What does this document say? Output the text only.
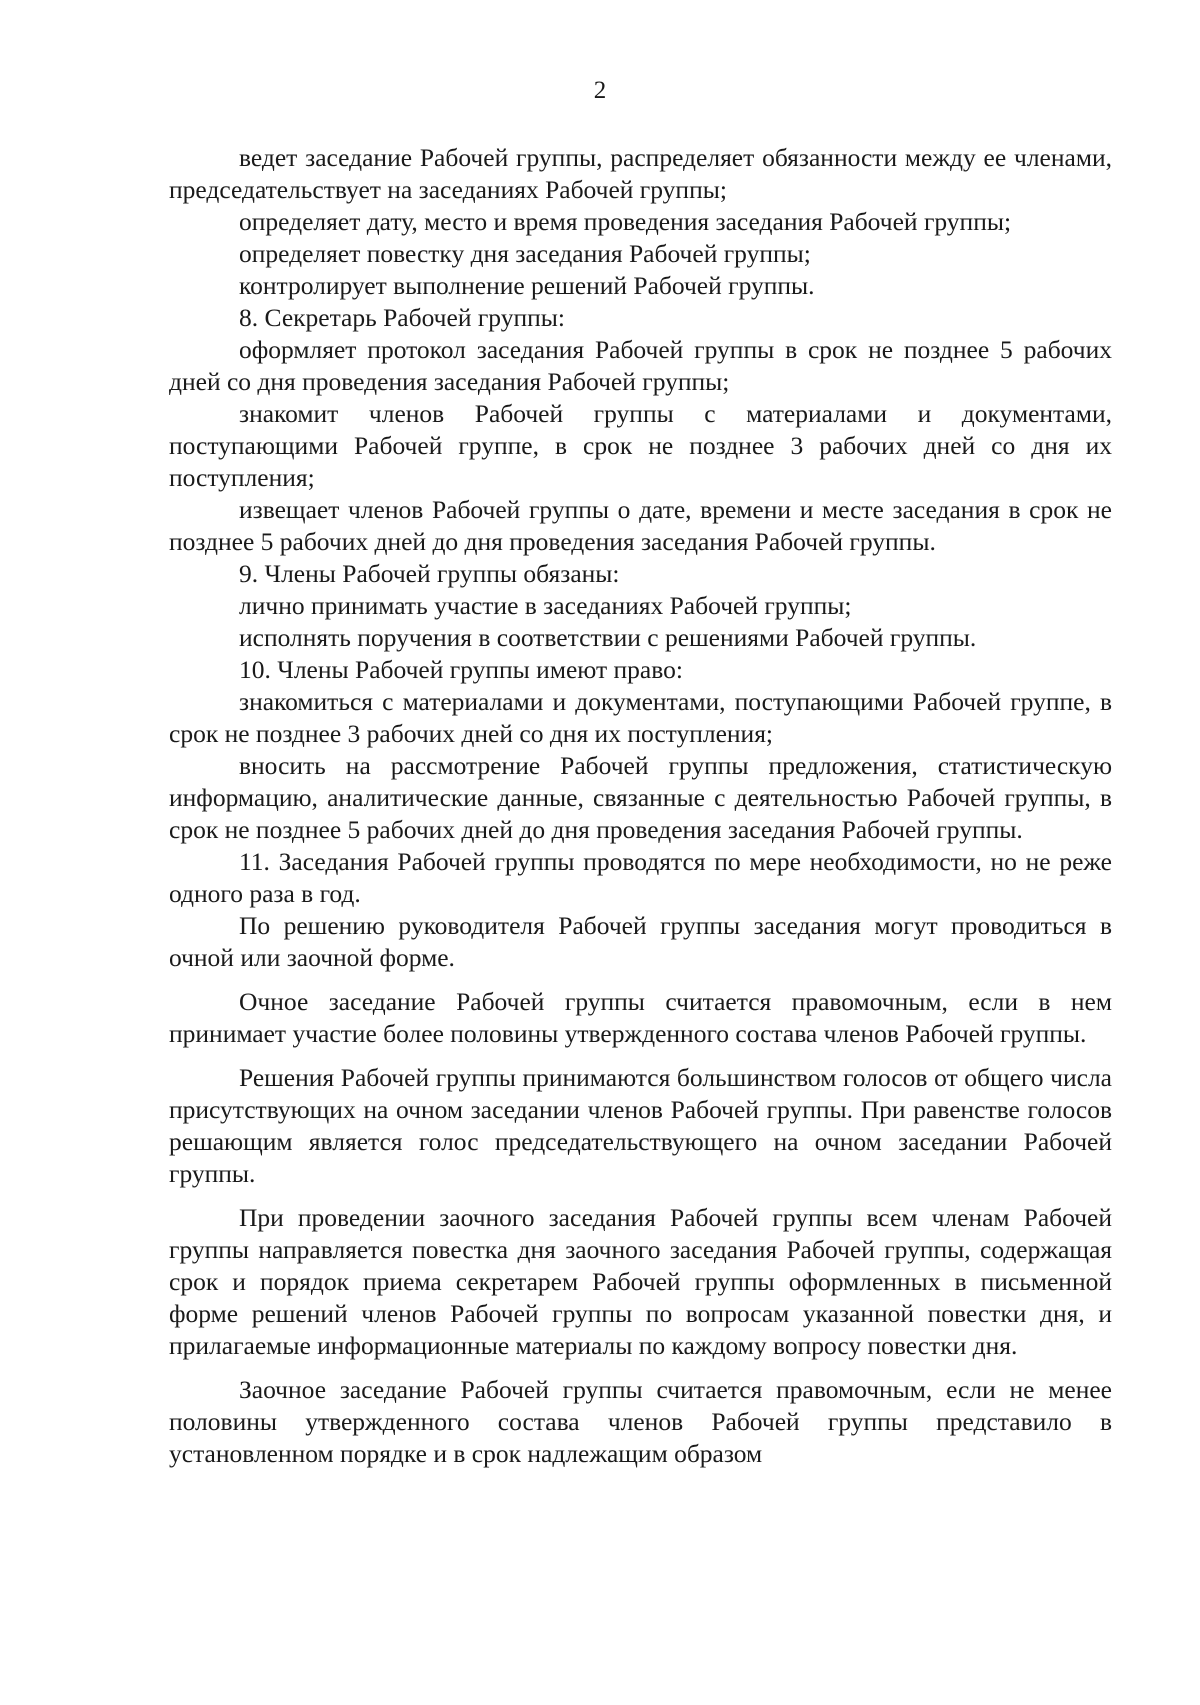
2

ведет заседание Рабочей группы, распределяет обязанности между ее членами, председательствует на заседаниях Рабочей группы;

определяет дату, место и время проведения заседания Рабочей группы;

определяет повестку дня заседания Рабочей группы;

контролирует выполнение решений Рабочей группы.

8. Секретарь Рабочей группы:

оформляет протокол заседания Рабочей группы в срок не позднее 5 рабочих дней со дня проведения заседания Рабочей группы;

знакомит членов Рабочей группы с материалами и документами, поступающими Рабочей группе, в срок не позднее 3 рабочих дней со дня их поступления;

извещает членов Рабочей группы о дате, времени и месте заседания в срок не позднее 5 рабочих дней до дня проведения заседания Рабочей группы.

9. Члены Рабочей группы обязаны:

лично принимать участие в заседаниях Рабочей группы;

исполнять поручения в соответствии с решениями Рабочей группы.

10. Члены Рабочей группы имеют право:

знакомиться с материалами и документами, поступающими Рабочей группе, в срок не позднее 3 рабочих дней со дня их поступления;

вносить на рассмотрение Рабочей группы предложения, статистическую информацию, аналитические данные, связанные с деятельностью Рабочей группы, в срок не позднее 5 рабочих дней до дня проведения заседания Рабочей группы.

11. Заседания Рабочей группы проводятся по мере необходимости, но не реже одного раза в год.

По решению руководителя Рабочей группы заседания могут проводиться в очной или заочной форме.

Очное заседание Рабочей группы считается правомочным, если в нем принимает участие более половины утвержденного состава членов Рабочей группы.

Решения Рабочей группы принимаются большинством голосов от общего числа присутствующих на очном заседании членов Рабочей группы. При равенстве голосов решающим является голос председательствующего на очном заседании Рабочей группы.

При проведении заочного заседания Рабочей группы всем членам Рабочей группы направляется повестка дня заочного заседания Рабочей группы, содержащая срок и порядок приема секретарем Рабочей группы оформленных в письменной форме решений членов Рабочей группы по вопросам указанной повестки дня, и прилагаемые информационные материалы по каждому вопросу повестки дня.

Заочное заседание Рабочей группы считается правомочным, если не менее половины утвержденного состава членов Рабочей группы представило в установленном порядке и в срок надлежащим образом
